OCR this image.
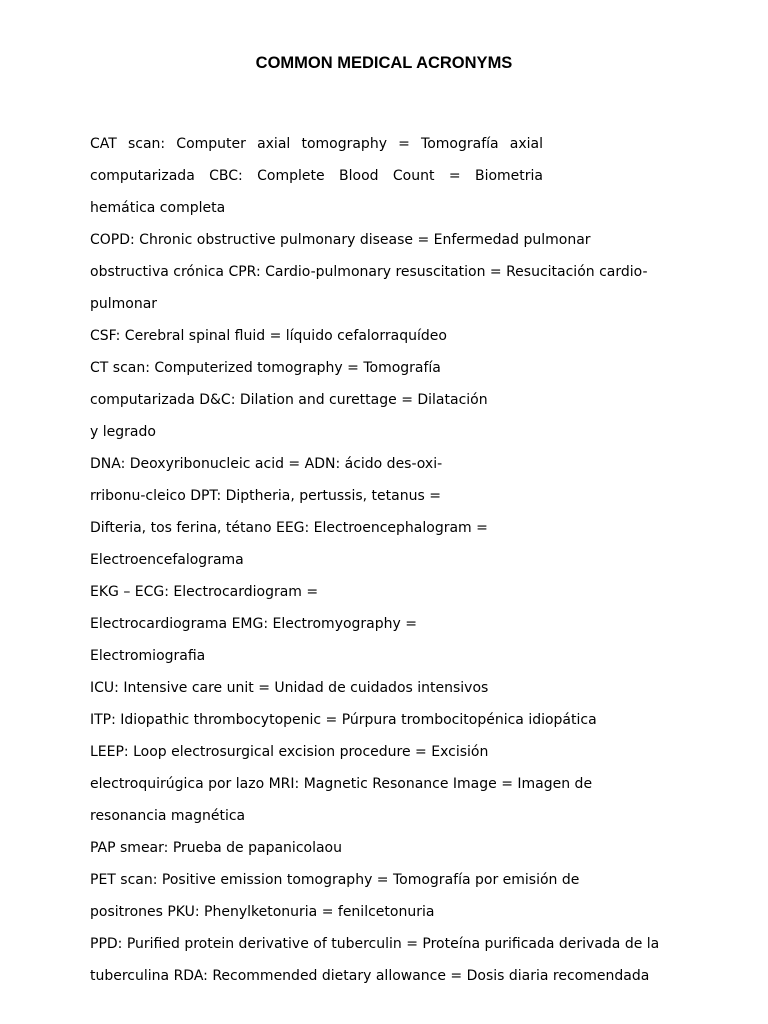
COMMON MEDICAL ACRONYMS
CAT scan: Computer axial tomography = Tomografía axial
computarizada CBC: Complete Blood Count = Biometria
hemática completa
COPD: Chronic obstructive pulmonary disease = Enfermedad pulmonar
obstructiva crónica CPR: Cardio-pulmonary resuscitation = Resucitación cardio-
pulmonar
CSF: Cerebral spinal fluid = líquido cefalorraquídeo
CT scan: Computerized tomography = Tomografía
computarizada D&C: Dilation and curettage = Dilatación
y legrado
DNA: Deoxyribonucleic acid = ADN: ácido des-oxi-
rribonu-cleico DPT: Diptheria, pertussis, tetanus =
Difteria, tos ferina, tétano EEG: Electroencephalogram =
Electroencefalograma
EKG – ECG: Electrocardiogram =
Electrocardiograma EMG: Electromyography =
Electromiografia
ICU: Intensive care unit = Unidad de cuidados intensivos
ITP: Idiopathic thrombocytopenic = Púrpura trombocitopénica idiopática
LEEP: Loop electrosurgical excision procedure = Excisión
electroquirúgica por lazo MRI: Magnetic Resonance Image = Imagen de
resonancia magnética
PAP smear: Prueba de papanicolaou
PET scan: Positive emission tomography = Tomografía por emisión de
positrones PKU: Phenylketonuria = fenilcetonuria
PPD: Purified protein derivative of tuberculin = Proteína purificada derivada de la
tuberculina RDA: Recommended dietary allowance = Dosis diaria recomendada
